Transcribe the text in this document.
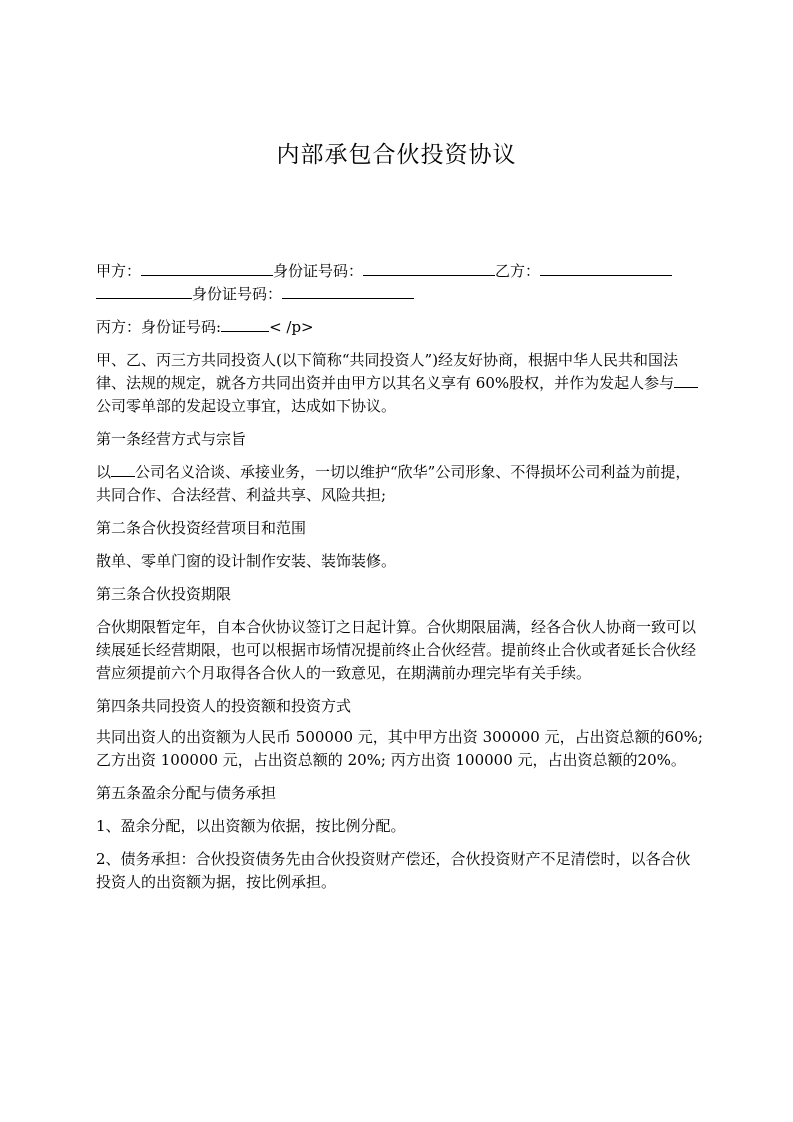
内部承包合伙投资协议

甲方：	身份证号码：	乙方：
身份证号码：

丙方：身份证号码:	< /p>

甲、乙、丙三方共同投资人(以下简称“共同投资人”)经友好协商，根据中华人民共和国法律、法规的规定，就各方共同出资并由甲方以其名义享有 60%股权，并作为发起人参与公司零单部的发起设立事宜，达成如下协议。

第一条经营方式与宗旨

以 公司名义洽谈、承接业务，一切以维护“欣华”公司形象、不得损坏公司利益为前提，共同合作、合法经营、利益共享、风险共担;

第二条合伙投资经营项目和范围

散单、零单门窗的设计制作安装、装饰装修。

第三条合伙投资期限

合伙期限暂定年，自本合伙协议签订之日起计算。合伙期限届满，经各合伙人协商一致可以续展延长经营期限，也可以根据市场情况提前终止合伙经营。提前终止合伙或者延长合伙经营应须提前六个月取得各合伙人的一致意见，在期满前办理完毕有关手续。

第四条共同投资人的投资额和投资方式

共同出资人的出资额为人民币 500000 元，其中甲方出资 300000 元，占出资总额的60%; 乙方出资 100000 元，占出资总额的 20%; 丙方出资 100000 元，占出资总额的20%。

第五条盈余分配与债务承担

1、盈余分配，以出资额为依据，按比例分配。

2、债务承担：合伙投资债务先由合伙投资财产偿还，合伙投资财产不足清偿时，以各合伙投资人的出资额为据，按比例承担。
